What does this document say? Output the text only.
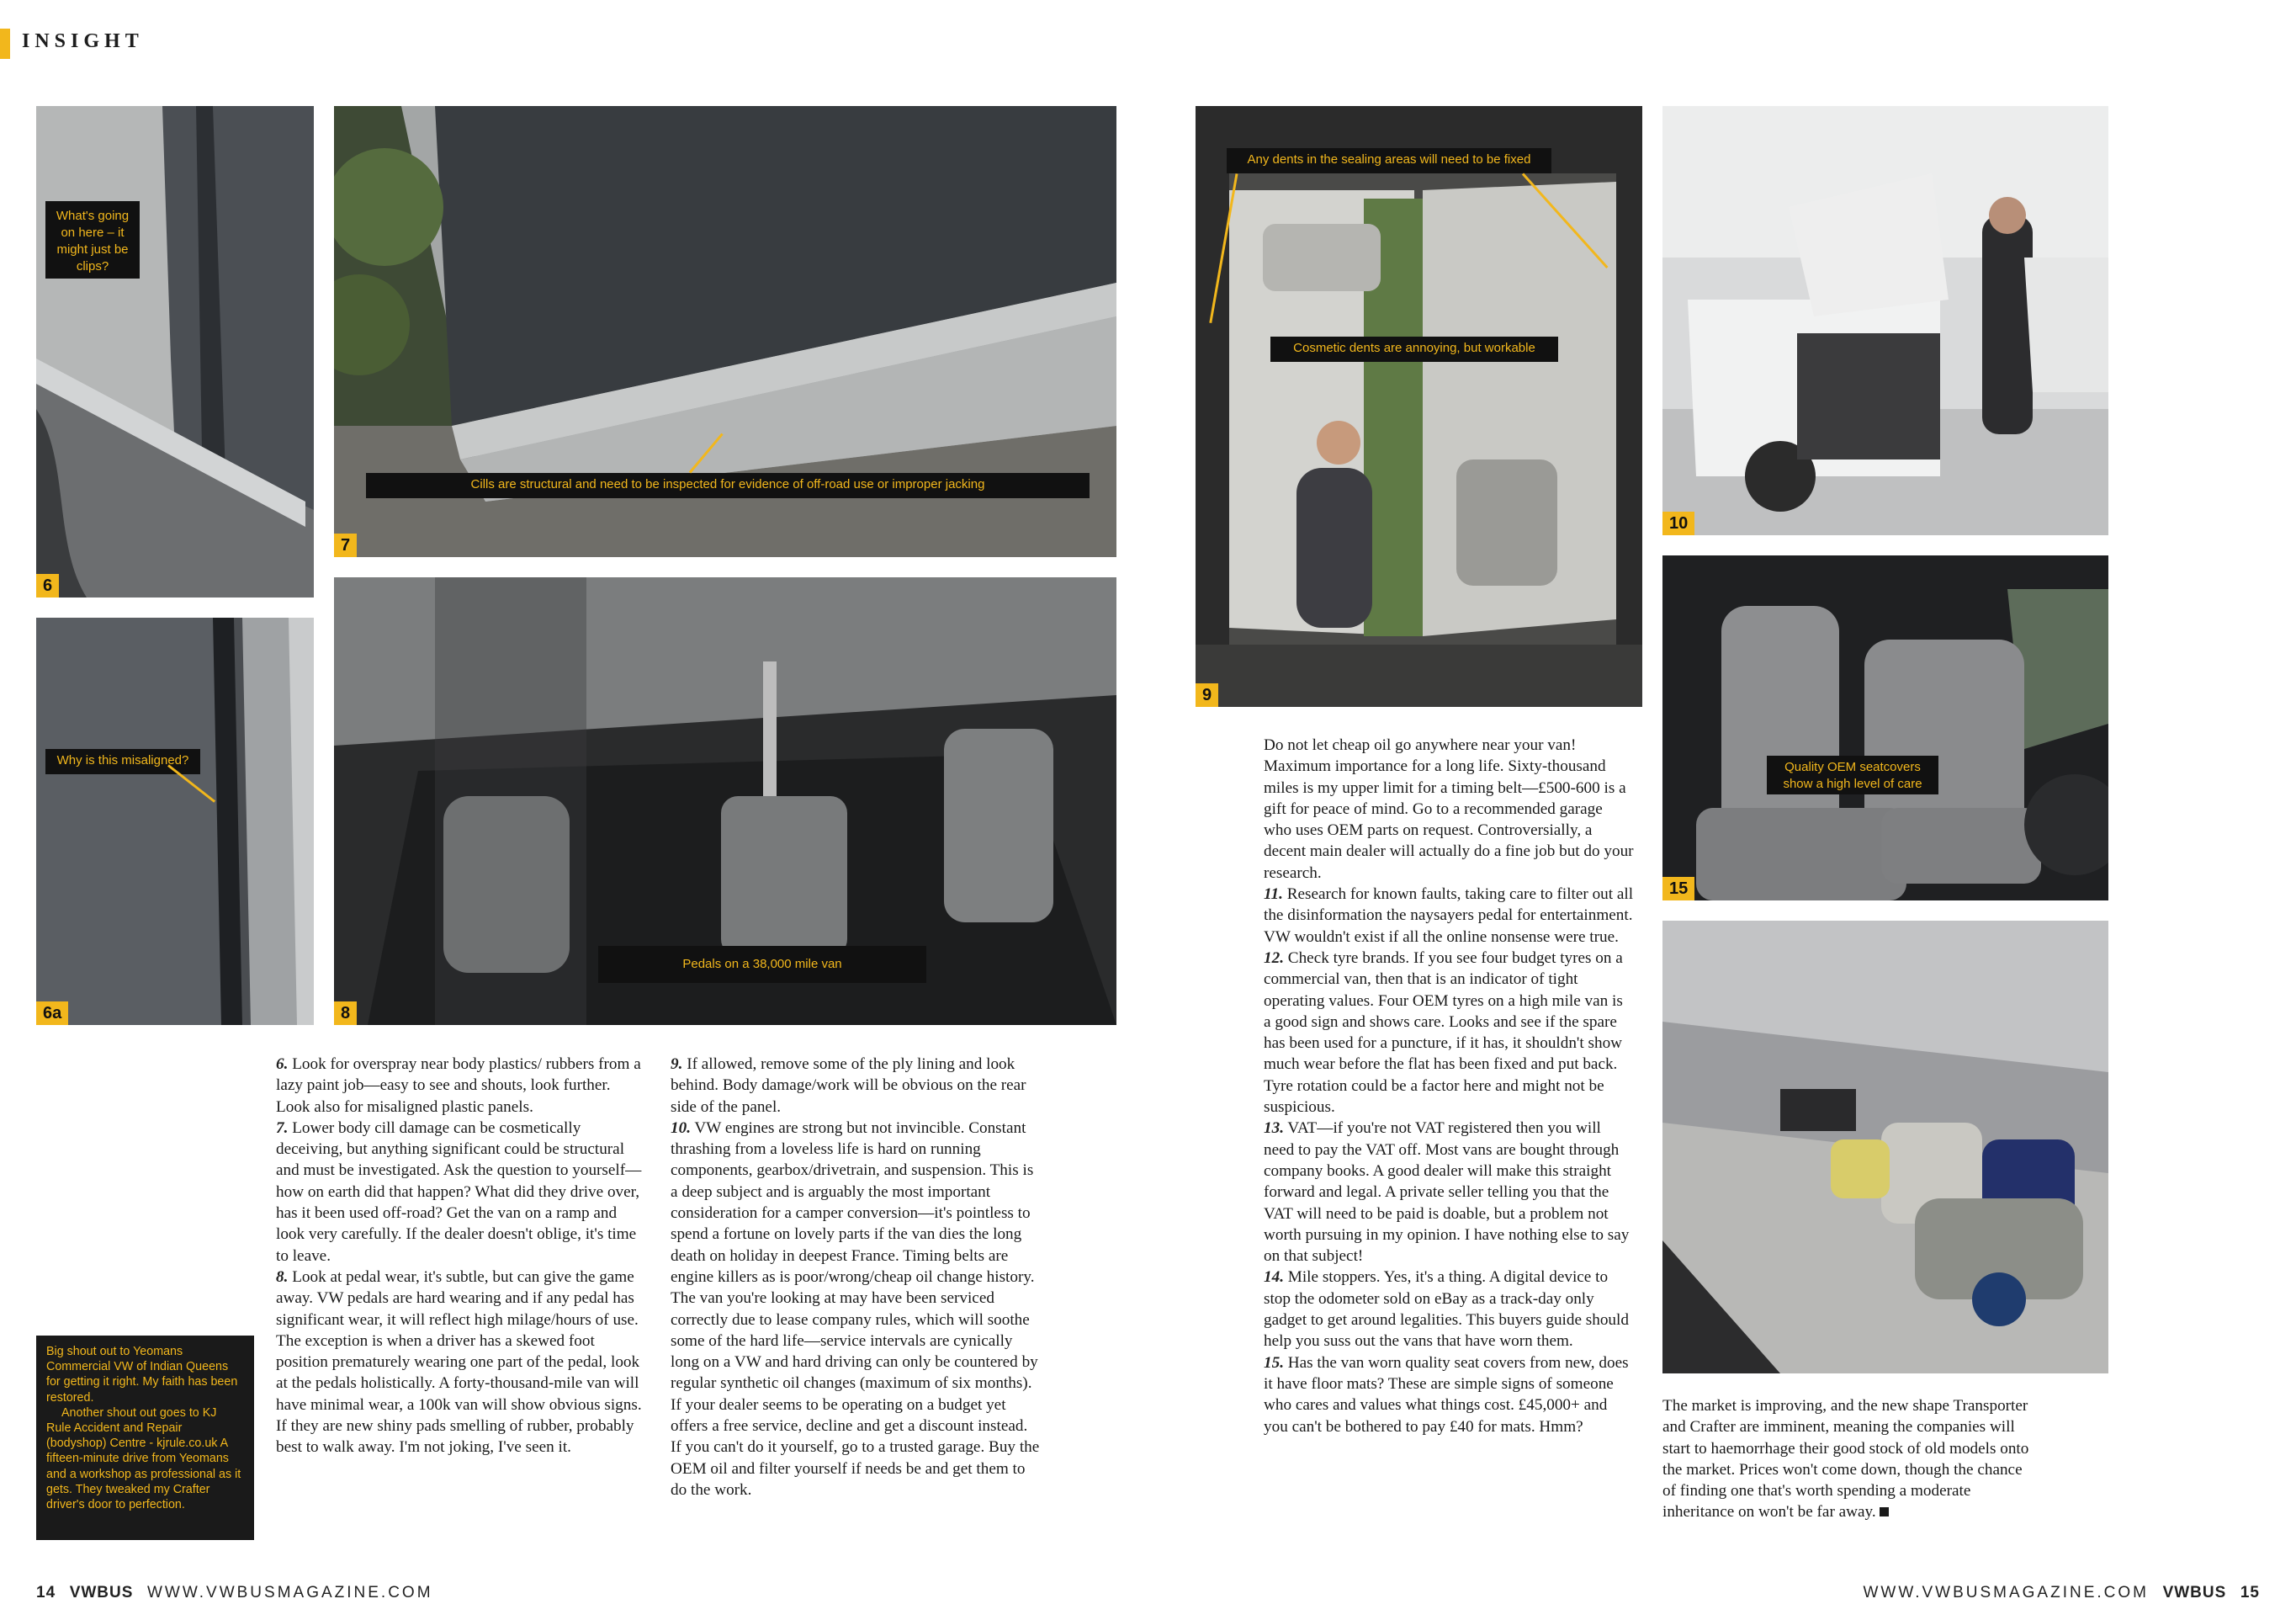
INSIGHT
6
What's going on here – it might just be clips?
6a
Why is this misaligned?
7
Cills are structural and need to be inspected for evidence of off-road use or improper jacking
8
Pedals on a 38,000 mile van
9
Any dents in the sealing areas will need to be fixed
Cosmetic dents are annoying, but workable
10
15
Quality OEM seatcovers show a high level of care

Big shout out to Yeomans Commercial VW of Indian Queens for getting it right. My faith has been restored.

Another shout out goes to KJ Rule Accident and Repair (bodyshop) Centre - kjrule.co.uk A fifteen-minute drive from Yeomans and a workshop as professional as it gets. They tweaked my Crafter driver's door to perfection.

6. Look for overspray near body plastics/ rubbers from a lazy paint job—easy to see and shouts, look further. Look also for misaligned plastic panels.

7. Lower body cill damage can be cosmetically deceiving, but anything significant could be structural and must be investigated. Ask the question to yourself—how on earth did that happen? What did they drive over, has it been used off-road? Get the van on a ramp and look very carefully. If the dealer doesn't oblige, it's time to leave.

8. Look at pedal wear, it's subtle, but can give the game away. VW pedals are hard wearing and if any pedal has significant wear, it will reflect high milage/hours of use. The exception is when a driver has a skewed foot position prematurely wearing one part of the pedal, look at the pedals holistically. A forty-thousand-mile van will have minimal wear, a 100k van will show obvious signs. If they are new shiny pads smelling of rubber, probably best to walk away. I'm not joking, I've seen it.

9. If allowed, remove some of the ply lining and look behind. Body damage/work will be obvious on the rear side of the panel.

10. VW engines are strong but not invincible. Constant thrashing from a loveless life is hard on running components, gearbox/drivetrain, and suspension. This is a deep subject and is arguably the most important consideration for a camper conversion—it's pointless to spend a fortune on lovely parts if the van dies the long death on holiday in deepest France. Timing belts are engine killers as is poor/wrong/cheap oil change history. The van you're looking at may have been serviced correctly due to lease company rules, which will soothe some of the hard life—service intervals are cynically long on a VW and hard driving can only be countered by regular synthetic oil changes (maximum of six months). If your dealer seems to be operating on a budget yet offers a free service, decline and get a discount instead. If you can't do it yourself, go to a trusted garage. Buy the OEM oil and filter yourself if needs be and get them to do the work.

Do not let cheap oil go anywhere near your van! Maximum importance for a long life. Sixty-thousand miles is my upper limit for a timing belt—£500-600 is a gift for peace of mind. Go to a recommended garage who uses OEM parts on request. Controversially, a decent main dealer will actually do a fine job but do your research.

11. Research for known faults, taking care to filter out all the disinformation the naysayers pedal for entertainment. VW wouldn't exist if all the online nonsense were true.

12. Check tyre brands. If you see four budget tyres on a commercial van, then that is an indicator of tight operating values. Four OEM tyres on a high mile van is a good sign and shows care. Looks and see if the spare has been used for a puncture, if it has, it shouldn't show much wear before the flat has been fixed and put back. Tyre rotation could be a factor here and might not be suspicious.

13. VAT—if you're not VAT registered then you will need to pay the VAT off. Most vans are bought through company books. A good dealer will make this straight forward and legal. A private seller telling you that the VAT will need to be paid is doable, but a problem not worth pursuing in my opinion. I have nothing else to say on that subject!

14. Mile stoppers. Yes, it's a thing. A digital device to stop the odometer sold on eBay as a track-day only gadget to get around legalities. This buyers guide should help you suss out the vans that have worn them.

15. Has the van worn quality seat covers from new, does it have floor mats? These are simple signs of someone who cares and values what things cost. £45,000+ and you can't be bothered to pay £40 for mats. Hmm?

The market is improving, and the new shape Transporter and Crafter are imminent, meaning the companies will start to haemorrhage their good stock of old models onto the market. Prices won't come down, though the chance of finding one that's worth spending a moderate inheritance on won't be far away.

14 VWBUS WWW.VWBUSMAGAZINE.COM	WWW.VWBUSMAGAZINE.COM VWBUS 15
